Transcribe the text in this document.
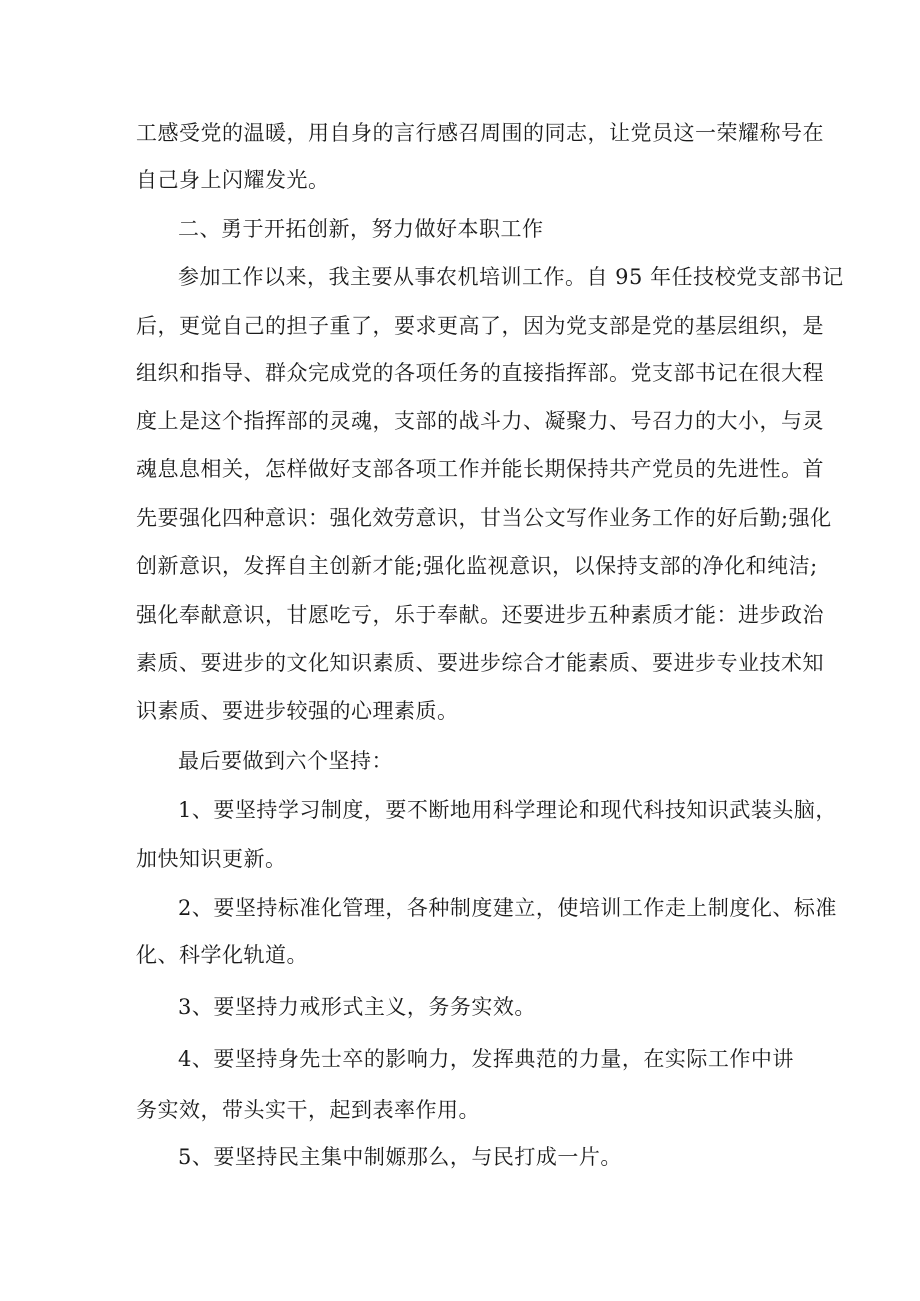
工感受党的温暖，用自身的言行感召周围的同志，让党员这一荣耀称号在
自己身上闪耀发光。
二、勇于开拓创新，努力做好本职工作
参加工作以来，我主要从事农机培训工作。自 95 年任技校党支部书记
后，更觉自己的担子重了，要求更高了，因为党支部是党的基层组织，是
组织和指导、群众完成党的各项任务的直接指挥部。党支部书记在很大程
度上是这个指挥部的灵魂，支部的战斗力、凝聚力、号召力的大小，与灵
魂息息相关，怎样做好支部各项工作并能长期保持共产党员的先进性。首
先要强化四种意识：强化效劳意识，甘当公文写作业务工作的好后勤;强化
创新意识，发挥自主创新才能;强化监视意识，以保持支部的净化和纯洁;
强化奉献意识，甘愿吃亏，乐于奉献。还要进步五种素质才能：进步政治
素质、要进步的文化知识素质、要进步综合才能素质、要进步专业技术知
识素质、要进步较强的心理素质。
最后要做到六个坚持：
1、要坚持学习制度，要不断地用科学理论和现代科技知识武装头脑，
加快知识更新。
2、要坚持标准化管理，各种制度建立，使培训工作走上制度化、标准
化、科学化轨道。
3、要坚持力戒形式主义，务务实效。
4、要坚持身先士卒的影响力，发挥典范的力量，在实际工作中讲
务实效，带头实干，起到表率作用。
5、要坚持民主集中制嫄那么，与民打成一片。
